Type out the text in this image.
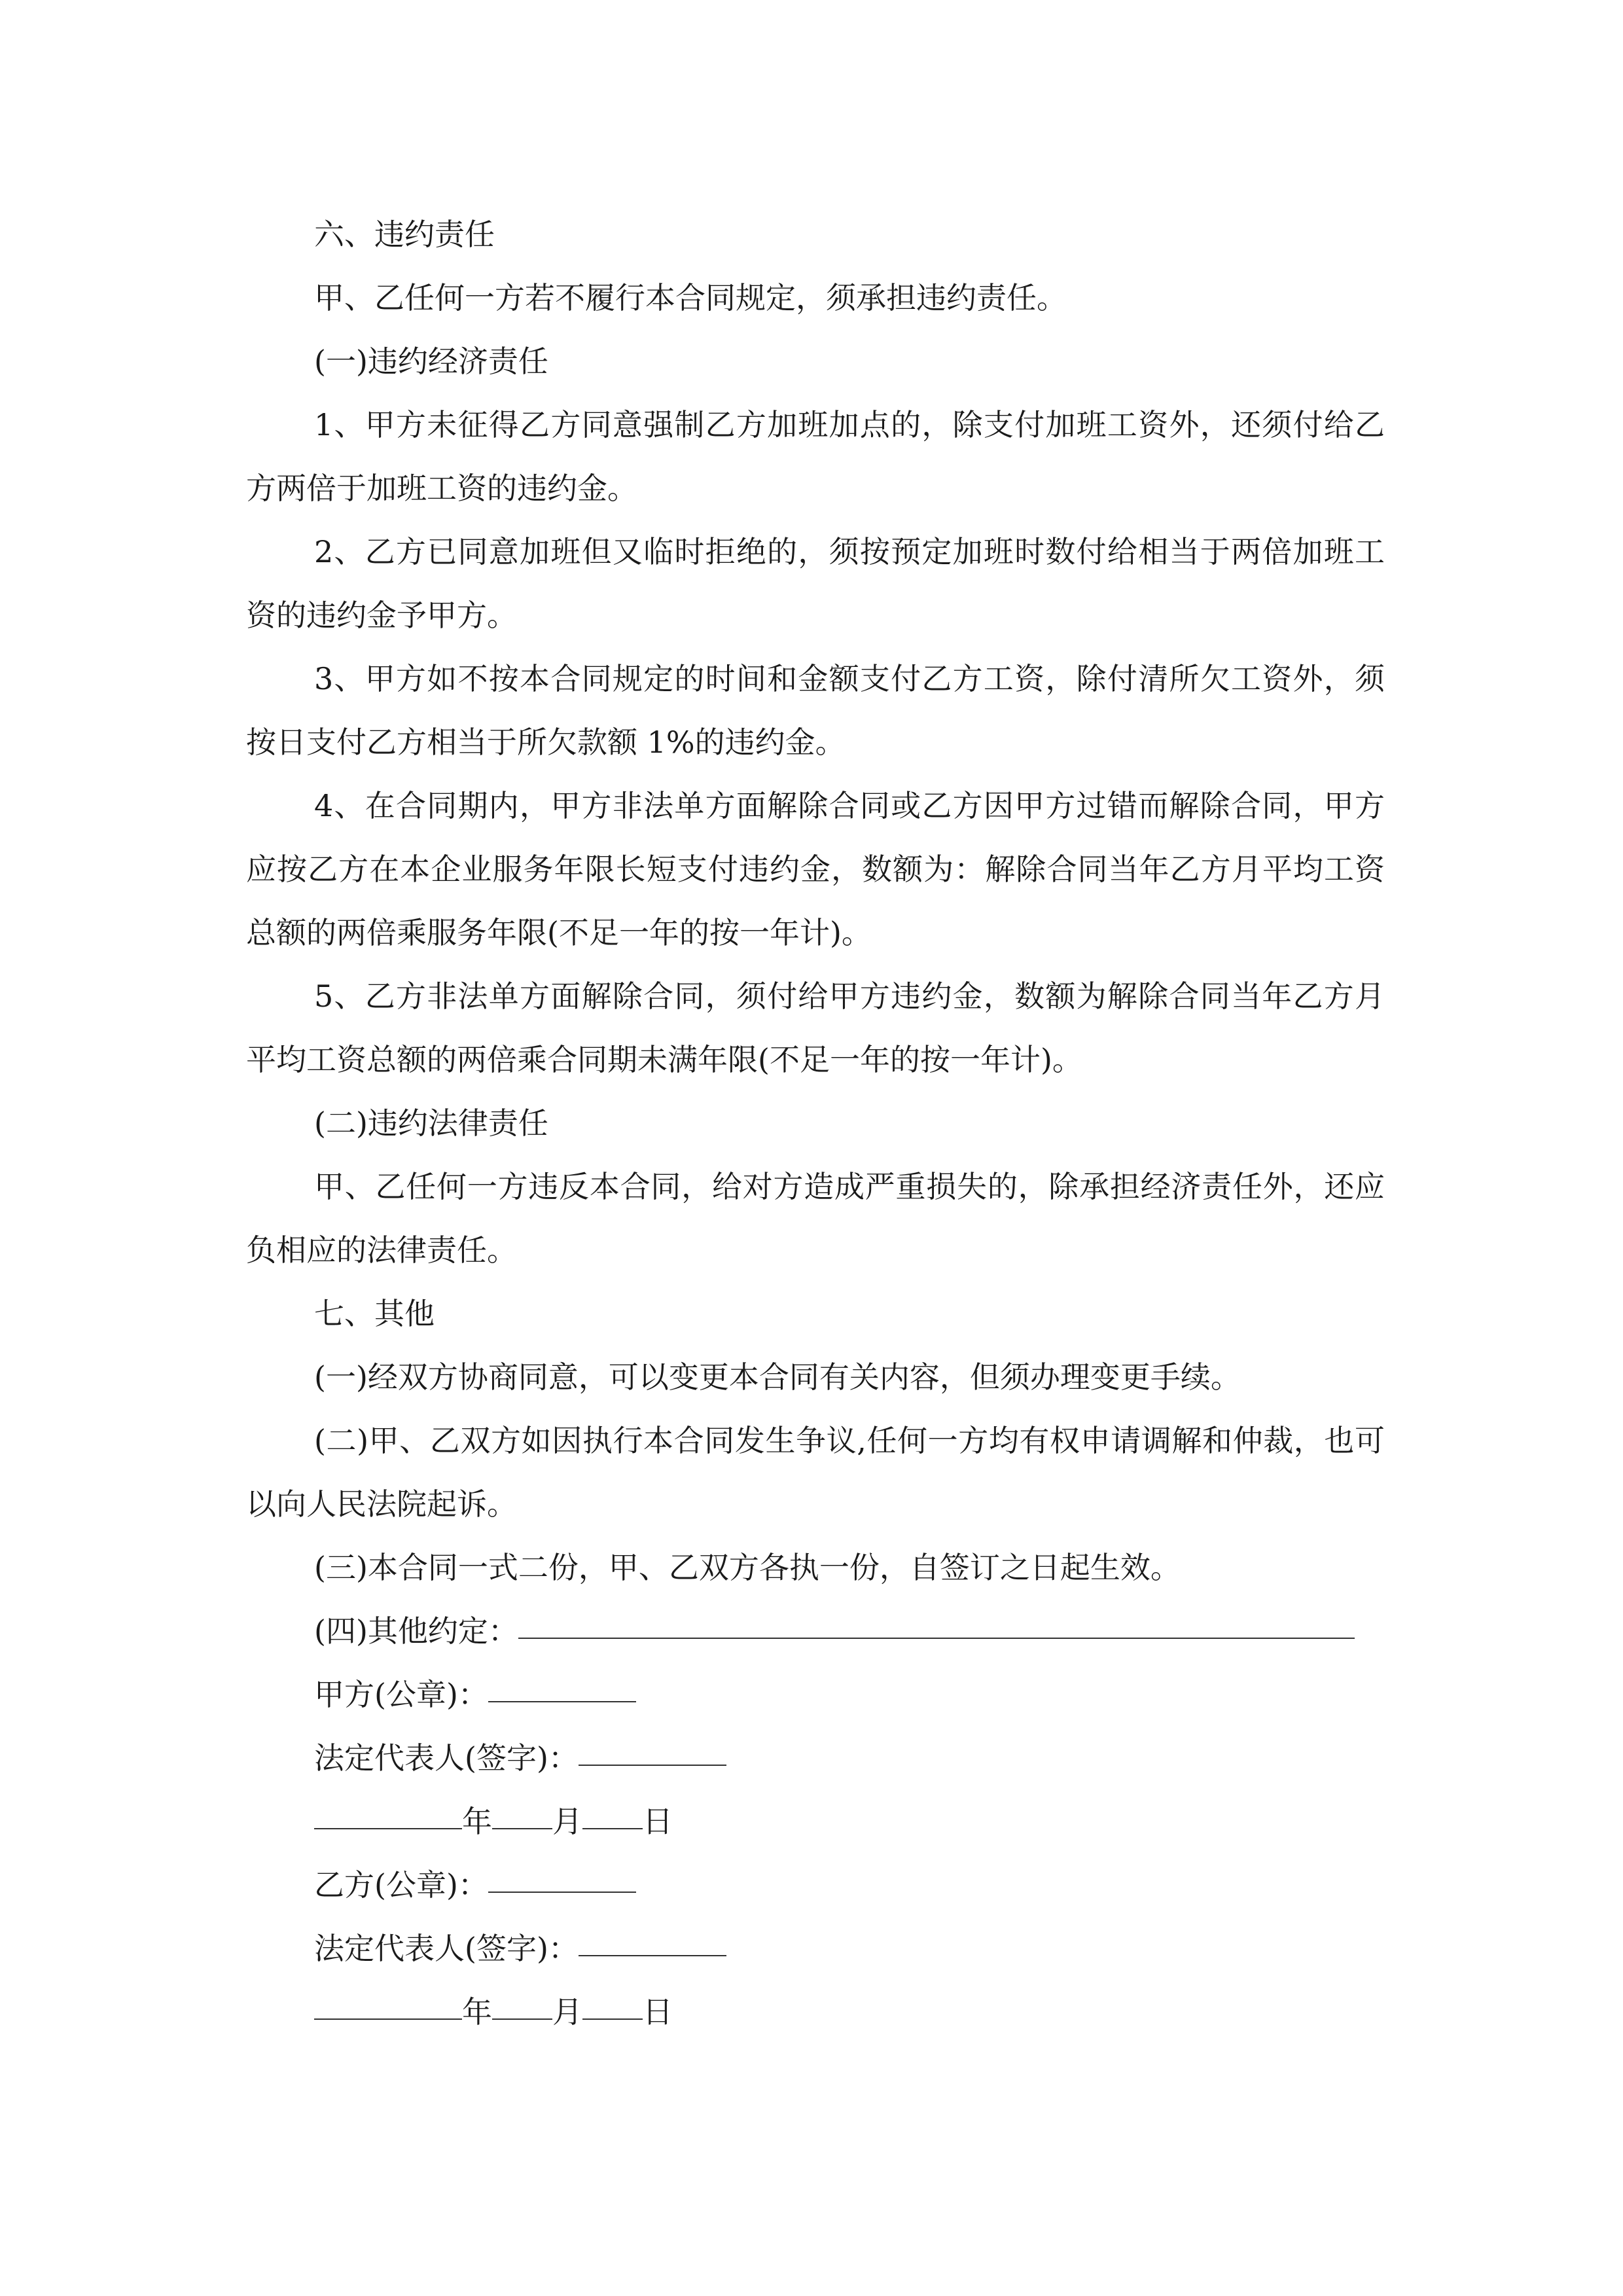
六、违约责任

甲、乙任何一方若不履行本合同规定，须承担违约责任。

(一)违约经济责任

1、甲方未征得乙方同意强制乙方加班加点的，除支付加班工资外，还须付给乙方两倍于加班工资的违约金。

2、乙方已同意加班但又临时拒绝的，须按预定加班时数付给相当于两倍加班工资的违约金予甲方。

3、甲方如不按本合同规定的时间和金额支付乙方工资，除付清所欠工资外，须按日支付乙方相当于所欠款额 1%的违约金。

4、在合同期内，甲方非法单方面解除合同或乙方因甲方过错而解除合同，甲方应按乙方在本企业服务年限长短支付违约金，数额为：解除合同当年乙方月平均工资总额的两倍乘服务年限(不足一年的按一年计)。

5、乙方非法单方面解除合同，须付给甲方违约金，数额为解除合同当年乙方月平均工资总额的两倍乘合同期未满年限(不足一年的按一年计)。

(二)违约法律责任

甲、乙任何一方违反本合同，给对方造成严重损失的，除承担经济责任外，还应负相应的法律责任。

七、其他

(一)经双方协商同意，可以变更本合同有关内容，但须办理变更手续。

(二)甲、乙双方如因执行本合同发生争议,任何一方均有权申请调解和仲裁，也可以向人民法院起诉。

(三)本合同一式二份，甲、乙双方各执一份，自签订之日起生效。

(四)其他约定：

甲方(公章)：

法定代表人(签字)：

年 月 日

乙方(公章)：

法定代表人(签字)：

年 月 日
